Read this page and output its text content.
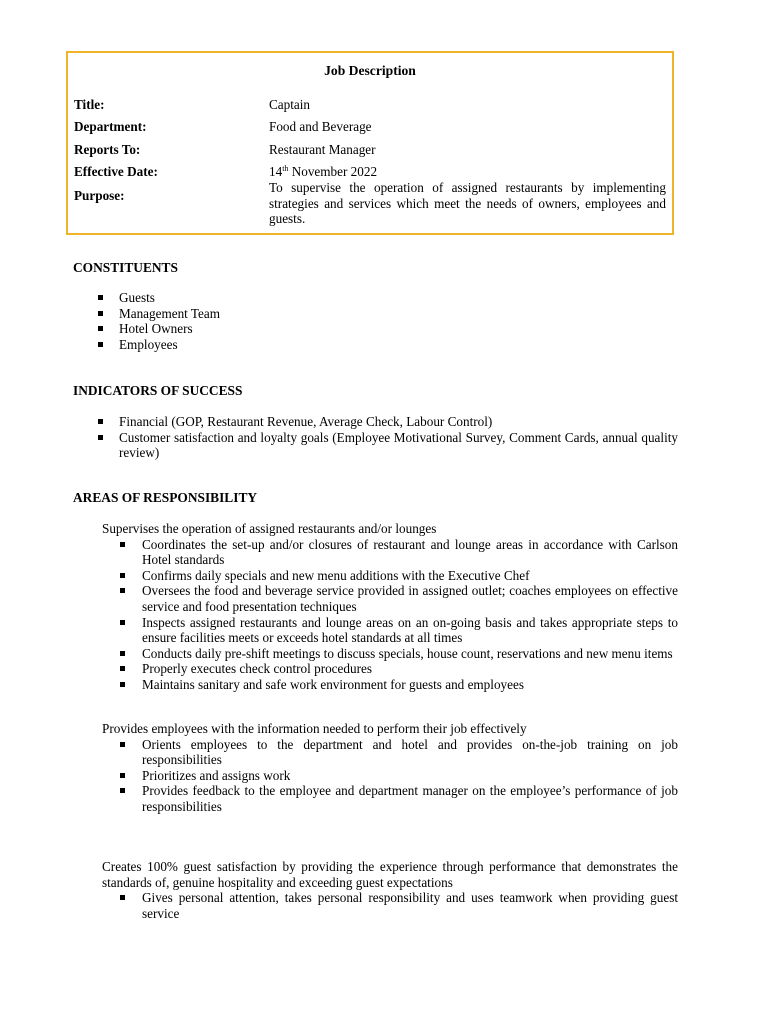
Job Description
Title:	Captain
Department:	Food and Beverage
Reports To:	Restaurant Manager
Effective Date:	14th November 2022
Purpose:
To supervise the operation of assigned restaurants by implementing strategies and services which meet the needs of owners, employees and guests.
CONSTITUENTS
Guests
Management Team
Hotel Owners
Employees
INDICATORS OF SUCCESS
Financial (GOP, Restaurant Revenue, Average Check, Labour Control)
Customer satisfaction and loyalty goals (Employee Motivational Survey, Comment Cards, annual quality review)
AREAS OF RESPONSIBILITY
Supervises the operation of assigned restaurants and/or lounges
Coordinates the set-up and/or closures of restaurant and lounge areas in accordance with Carlson Hotel standards
Confirms daily specials and new menu additions with the Executive Chef
Oversees the food and beverage service provided in assigned outlet; coaches employees on effective service and food presentation techniques
Inspects assigned restaurants and lounge areas on an on-going basis and takes appropriate steps to ensure facilities meets or exceeds hotel standards at all times
Conducts daily pre-shift meetings to discuss specials, house count, reservations and new menu items
Properly executes check control procedures
Maintains sanitary and safe work environment for guests and employees
Provides employees with the information needed to perform their job effectively
Orients employees to the department and hotel and provides on-the-job training on job responsibilities
Prioritizes and assigns work
Provides feedback to the employee and department manager on the employee’s performance of job responsibilities
Creates 100% guest satisfaction by providing the experience through performance that demonstrates the standards of, genuine hospitality and exceeding guest expectations
Gives personal attention, takes personal responsibility and uses teamwork when providing guest service
